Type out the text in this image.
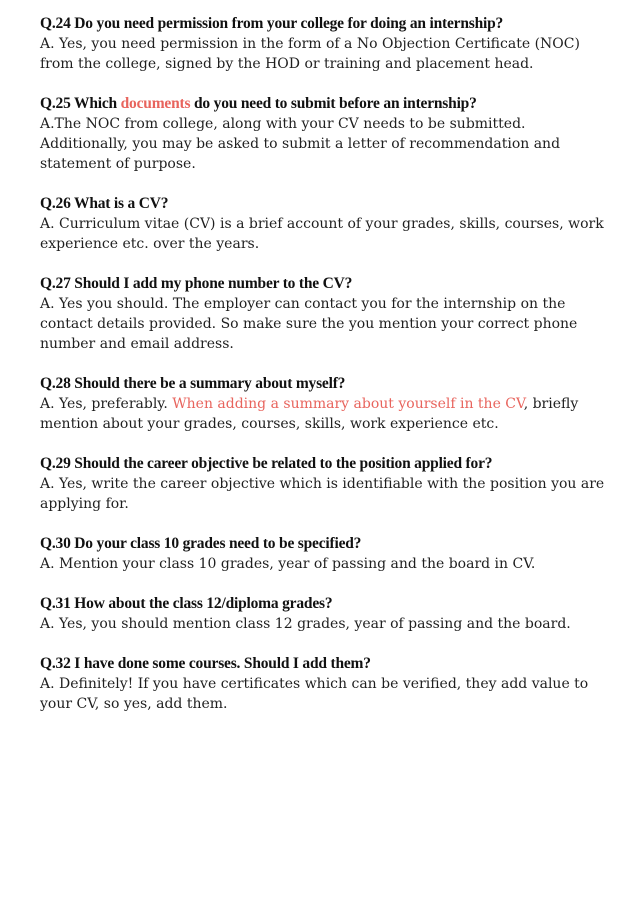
Q.24 Do you need permission from your college for doing an internship?
A. Yes, you need permission in the form of a No Objection Certificate (NOC) from the college, signed by the HOD or training and placement head.
Q.25 Which documents do you need to submit before an internship?
A.The NOC from college, along with your CV needs to be submitted. Additionally, you may be asked to submit a letter of recommendation and statement of purpose.
Q.26 What is a CV?
A. Curriculum vitae (CV) is a brief account of your grades, skills, courses, work experience etc. over the years.
Q.27 Should I add my phone number to the CV?
A. Yes you should. The employer can contact you for the internship on the contact details provided. So make sure the you mention your correct phone number and email address.
Q.28 Should there be a summary about myself?
A. Yes, preferably. When adding a summary about yourself in the CV, briefly mention about your grades, courses, skills, work experience etc.
Q.29 Should the career objective be related to the position applied for?
A. Yes, write the career objective which is identifiable with the position you are applying for.
Q.30 Do your class 10 grades need to be specified?
A. Mention your class 10 grades, year of passing and the board in CV.
Q.31 How about the class 12/diploma grades?
A. Yes, you should mention class 12 grades, year of passing and the board.
Q.32 I have done some courses. Should I add them?
A. Definitely! If you have certificates which can be verified, they add value to your CV, so yes, add them.
